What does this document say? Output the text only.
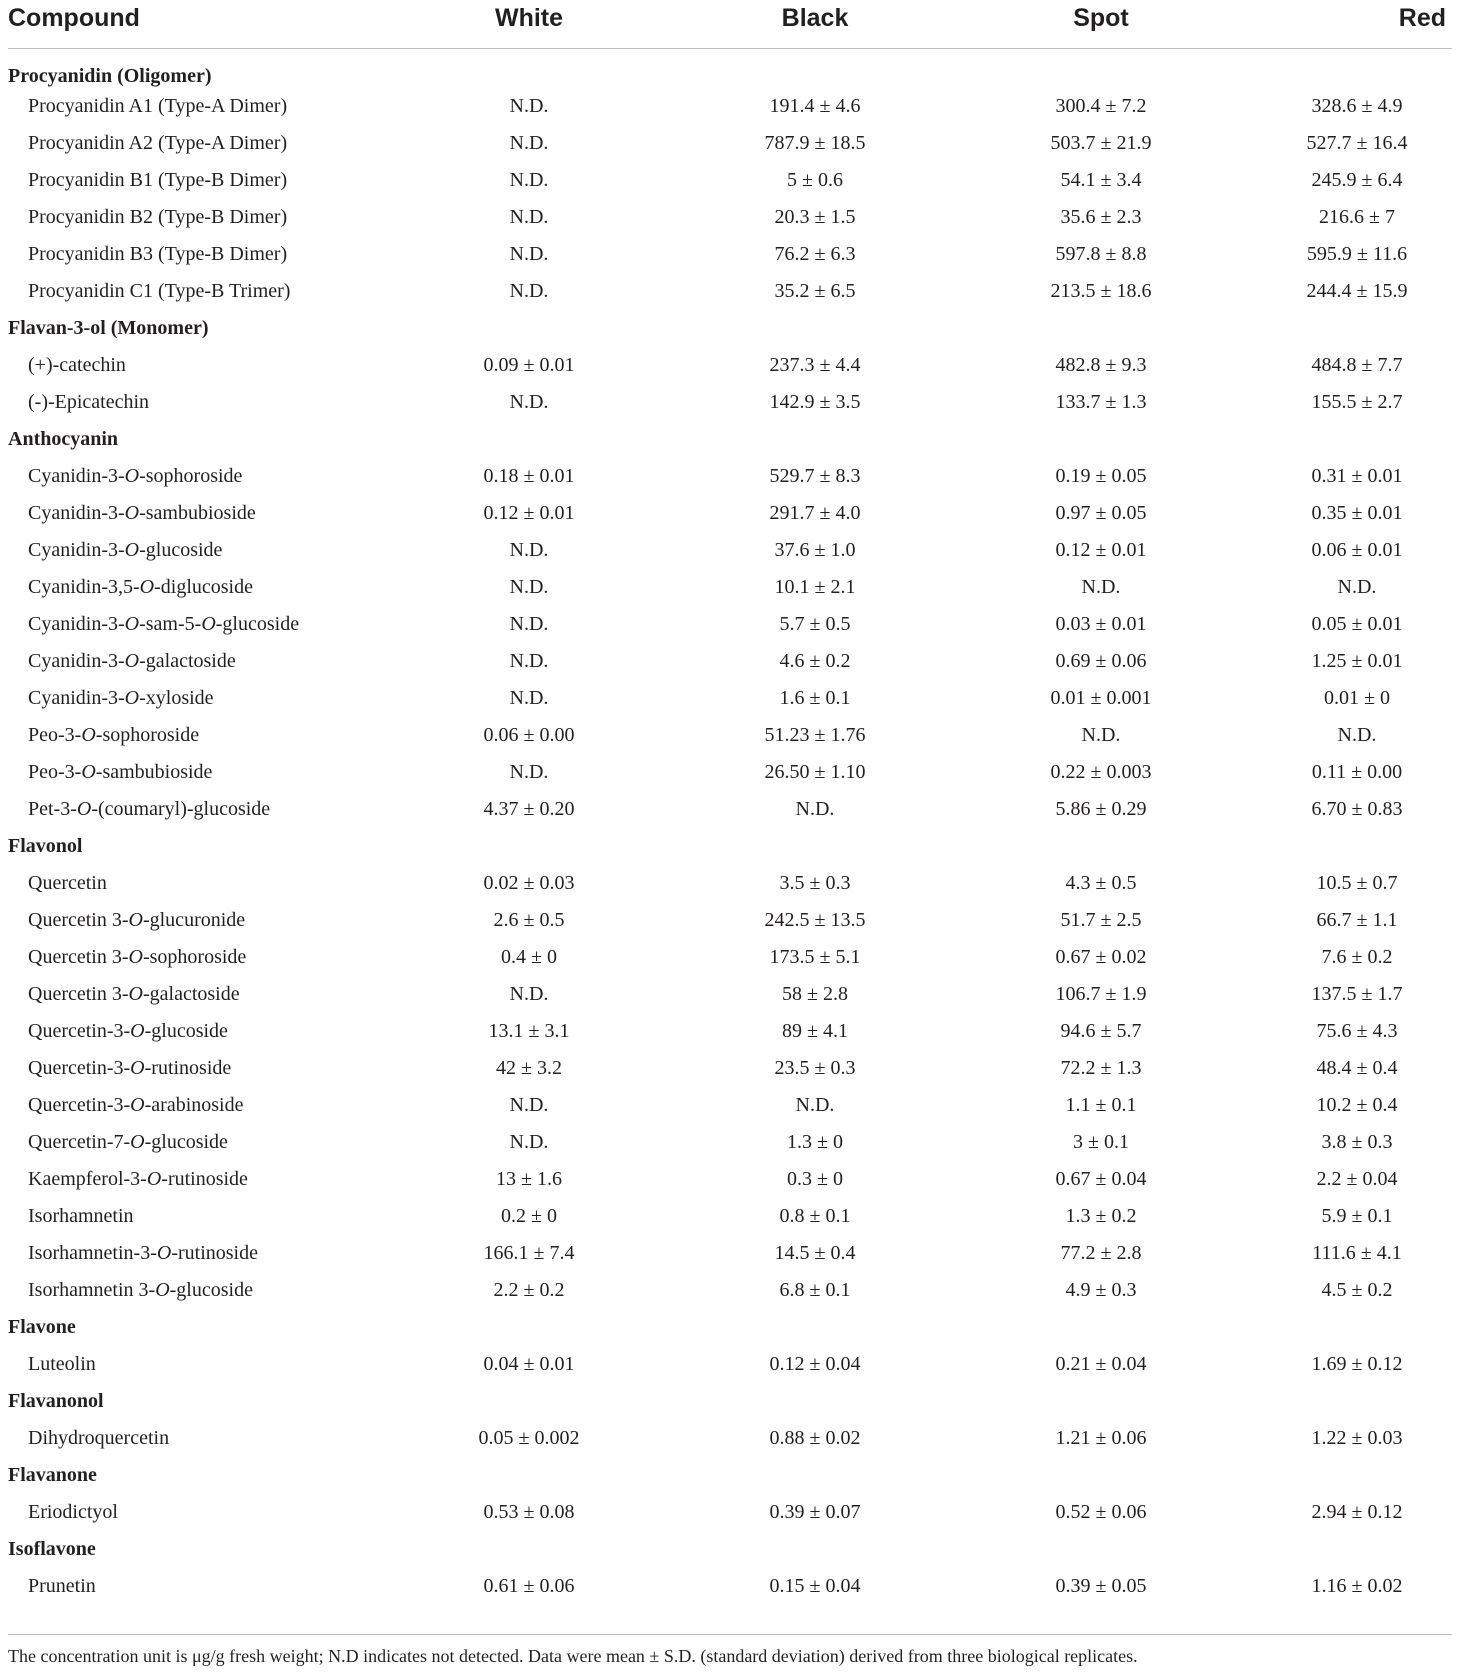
Compound	White	Black	Spot	Red
Procyanidin (Oligomer)				
Procyanidin A1 (Type-A Dimer)	N.D.	191.4 ± 4.6	300.4 ± 7.2	328.6 ± 4.9
Procyanidin A2 (Type-A Dimer)	N.D.	787.9 ± 18.5	503.7 ± 21.9	527.7 ± 16.4
Procyanidin B1 (Type-B Dimer)	N.D.	5 ± 0.6	54.1 ± 3.4	245.9 ± 6.4
Procyanidin B2 (Type-B Dimer)	N.D.	20.3 ± 1.5	35.6 ± 2.3	216.6 ± 7
Procyanidin B3 (Type-B Dimer)	N.D.	76.2 ± 6.3	597.8 ± 8.8	595.9 ± 11.6
Procyanidin C1 (Type-B Trimer)	N.D.	35.2 ± 6.5	213.5 ± 18.6	244.4 ± 15.9
Flavan-3-ol (Monomer)				
(+)-catechin	0.09 ± 0.01	237.3 ± 4.4	482.8 ± 9.3	484.8 ± 7.7
(-)-Epicatechin	N.D.	142.9 ± 3.5	133.7 ± 1.3	155.5 ± 2.7
Anthocyanin				
Cyanidin-3-O-sophoroside	0.18 ± 0.01	529.7 ± 8.3	0.19 ± 0.05	0.31 ± 0.01
Cyanidin-3-O-sambubioside	0.12 ± 0.01	291.7 ± 4.0	0.97 ± 0.05	0.35 ± 0.01
Cyanidin-3-O-glucoside	N.D.	37.6 ± 1.0	0.12 ± 0.01	0.06 ± 0.01
Cyanidin-3,5-O-diglucoside	N.D.	10.1 ± 2.1	N.D.	N.D.
Cyanidin-3-O-sam-5-O-glucoside	N.D.	5.7 ± 0.5	0.03 ± 0.01	0.05 ± 0.01
Cyanidin-3-O-galactoside	N.D.	4.6 ± 0.2	0.69 ± 0.06	1.25 ± 0.01
Cyanidin-3-O-xyloside	N.D.	1.6 ± 0.1	0.01 ± 0.001	0.01 ± 0
Peo-3-O-sophoroside	0.06 ± 0.00	51.23 ± 1.76	N.D.	N.D.
Peo-3-O-sambubioside	N.D.	26.50 ± 1.10	0.22 ± 0.003	0.11 ± 0.00
Pet-3-O-(coumaryl)-glucoside	4.37 ± 0.20	N.D.	5.86 ± 0.29	6.70 ± 0.83
Flavonol				
Quercetin	0.02 ± 0.03	3.5 ± 0.3	4.3 ± 0.5	10.5 ± 0.7
Quercetin 3-O-glucuronide	2.6 ± 0.5	242.5 ± 13.5	51.7 ± 2.5	66.7 ± 1.1
Quercetin 3-O-sophoroside	0.4 ± 0	173.5 ± 5.1	0.67 ± 0.02	7.6 ± 0.2
Quercetin 3-O-galactoside	N.D.	58 ± 2.8	106.7 ± 1.9	137.5 ± 1.7
Quercetin-3-O-glucoside	13.1 ± 3.1	89 ± 4.1	94.6 ± 5.7	75.6 ± 4.3
Quercetin-3-O-rutinoside	42 ± 3.2	23.5 ± 0.3	72.2 ± 1.3	48.4 ± 0.4
Quercetin-3-O-arabinoside	N.D.	N.D.	1.1 ± 0.1	10.2 ± 0.4
Quercetin-7-O-glucoside	N.D.	1.3 ± 0	3 ± 0.1	3.8 ± 0.3
Kaempferol-3-O-rutinoside	13 ± 1.6	0.3 ± 0	0.67 ± 0.04	2.2 ± 0.04
Isorhamnetin	0.2 ± 0	0.8 ± 0.1	1.3 ± 0.2	5.9 ± 0.1
Isorhamnetin-3-O-rutinoside	166.1 ± 7.4	14.5 ± 0.4	77.2 ± 2.8	111.6 ± 4.1
Isorhamnetin 3-O-glucoside	2.2 ± 0.2	6.8 ± 0.1	4.9 ± 0.3	4.5 ± 0.2
Flavone				
Luteolin	0.04 ± 0.01	0.12 ± 0.04	0.21 ± 0.04	1.69 ± 0.12
Flavanonol				
Dihydroquercetin	0.05 ± 0.002	0.88 ± 0.02	1.21 ± 0.06	1.22 ± 0.03
Flavanone				
Eriodictyol	0.53 ± 0.08	0.39 ± 0.07	0.52 ± 0.06	2.94 ± 0.12
Isoflavone				
Prunetin	0.61 ± 0.06	0.15 ± 0.04	0.39 ± 0.05	1.16 ± 0.02
The concentration unit is μg/g fresh weight; N.D indicates not detected. Data were mean ± S.D. (standard deviation) derived from three biological replicates.
